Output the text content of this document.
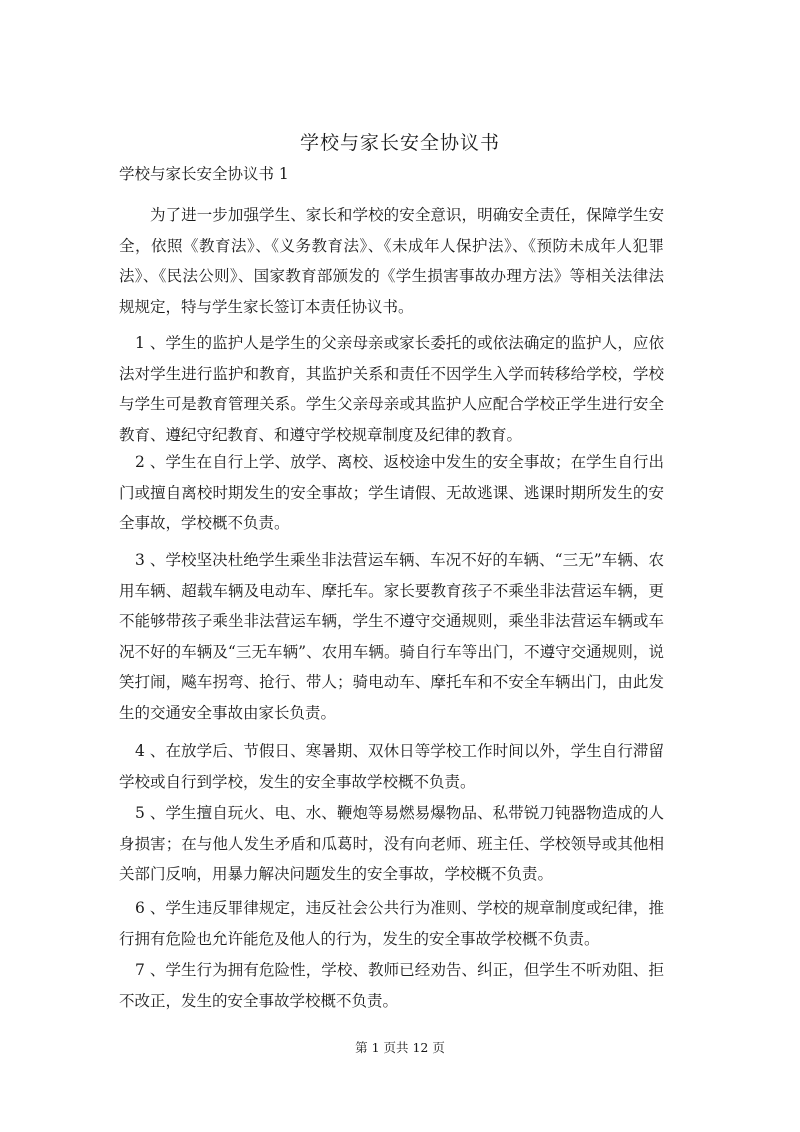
学校与家长安全协议书
学校与家长安全协议书 1

为了进一步加强学生、家长和学校的安全意识，明确安全责任，保障学生安全，依照《教育法》、《义务教育法》、《未成年人保护法》、《预防未成年人犯罪法》、《民法公则》、国家教育部颁发的《学生损害事故办理方法》等相关法律法规规定，特与学生家长签订本责任协议书。

1 、学生的监护人是学生的父亲母亲或家长委托的或依法确定的监护人，应依法对学生进行监护和教育，其监护关系和责任不因学生入学而转移给学校，学校与学生可是教育管理关系。学生父亲母亲或其监护人应配合学校正学生进行安全教育、遵纪守纪教育、和遵守学校规章制度及纪律的教育。

2 、学生在自行上学、放学、离校、返校途中发生的安全事故；在学生自行出门或擅自离校时期发生的安全事故；学生请假、无故逃课、逃课时期所发生的安全事故，学校概不负责。

3 、学校坚决杜绝学生乘坐非法营运车辆、车况不好的车辆、“三无”车辆、农用车辆、超载车辆及电动车、摩托车。家长要教育孩子不乘坐非法营运车辆，更不能够带孩子乘坐非法营运车辆，学生不遵守交通规则，乘坐非法营运车辆或车况不好的车辆及“三无车辆”、农用车辆。骑自行车等出门，不遵守交通规则，说笑打闹，飚车拐弯、抢行、带人；骑电动车、摩托车和不安全车辆出门，由此发生的交通安全事故由家长负责。

4 、在放学后、节假日、寒暑期、双休日等学校工作时间以外，学生自行滞留学校或自行到学校，发生的安全事故学校概不负责。

5 、学生擅自玩火、电、水、鞭炮等易燃易爆物品、私带锐刀钝器物造成的人身损害；在与他人发生矛盾和瓜葛时，没有向老师、班主任、学校领导或其他相关部门反响，用暴力解决问题发生的安全事故，学校概不负责。

6 、学生违反罪律规定，违反社会公共行为准则、学校的规章制度或纪律，推行拥有危险也允许能危及他人的行为，发生的安全事故学校概不负责。

7 、学生行为拥有危险性，学校、教师已经劝告、纠正，但学生不听劝阻、拒不改正，发生的安全事故学校概不负责。

第 1 页共 12 页
